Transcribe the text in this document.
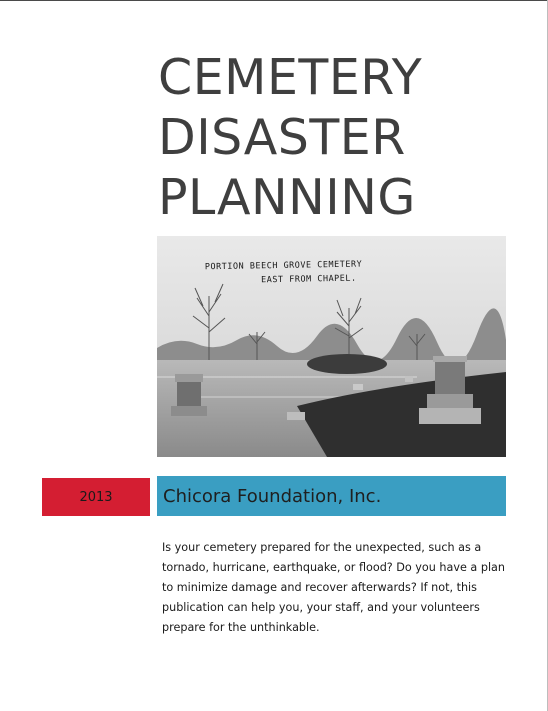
CEMETERY
DISASTER
PLANNING
PORTION BEECH GROVE CEMETERY
EAST FROM CHAPEL.
2013	Chicora Foundation, Inc.
Is your cemetery prepared for the unexpected, such as a tornado, hurricane, earthquake, or flood? Do you have a plan to minimize damage and recover afterwards? If not, this publication can help you, your staff, and your volunteers prepare for the unthinkable.
